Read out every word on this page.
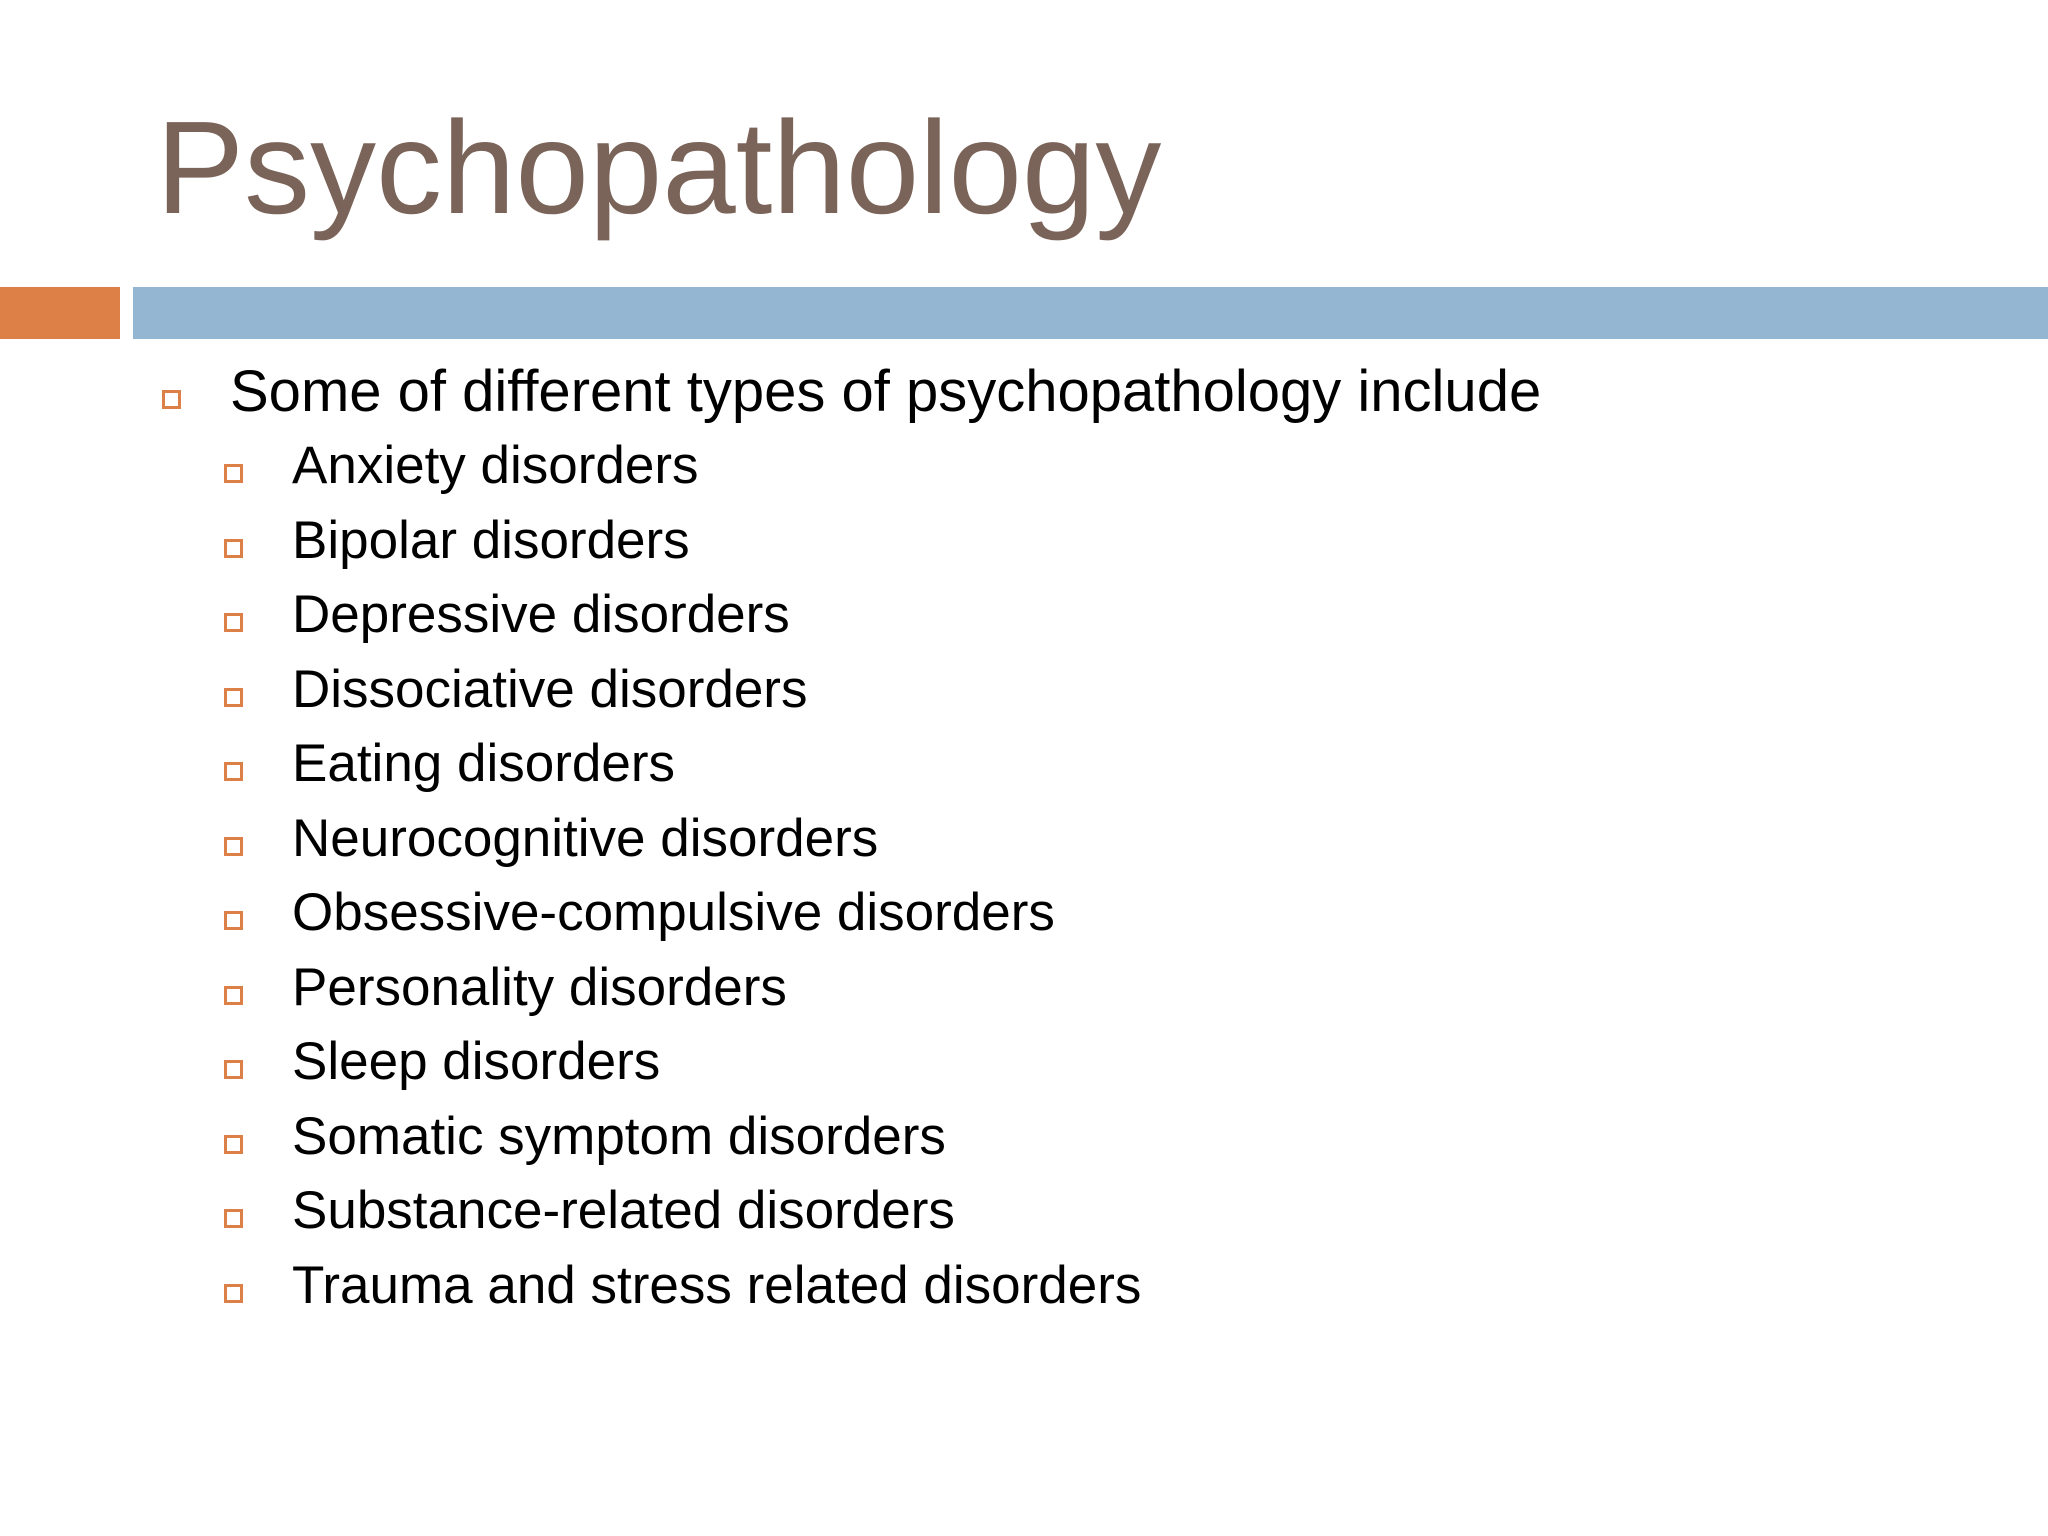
Psychopathology
Some of different types of psychopathology include
Anxiety disorders
Bipolar disorders
Depressive disorders
Dissociative disorders
Eating disorders
Neurocognitive disorders
Obsessive-compulsive disorders
Personality disorders
Sleep disorders
Somatic symptom disorders
Substance-related disorders
Trauma and stress related disorders
